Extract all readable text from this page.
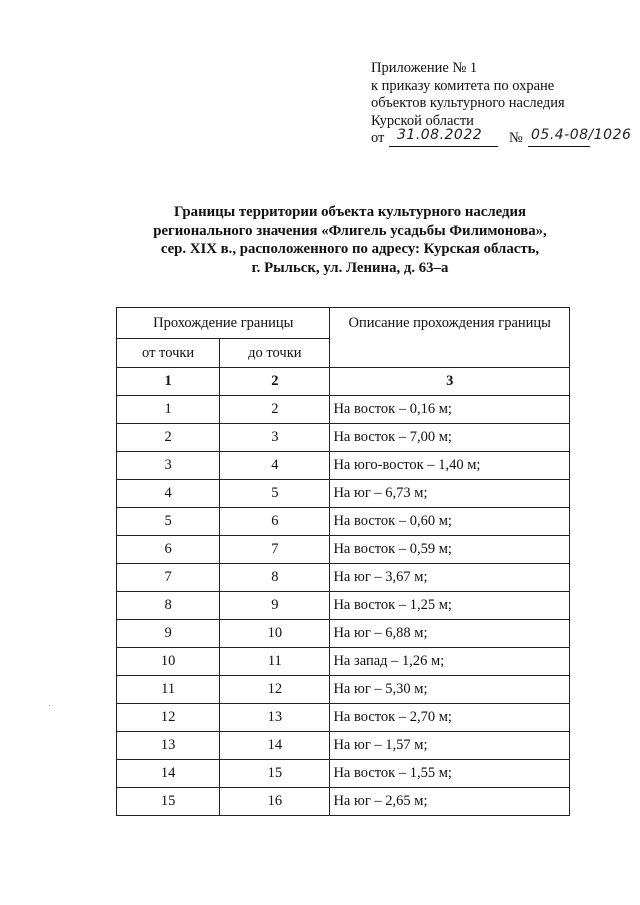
Приложение № 1
к приказу комитета по охране
объектов культурного наследия
Курской области
от 31.08.2022 № 05.4-08/1026
Границы территории объекта культурного наследия
регионального значения «Флигель усадьбы Филимонова»,
сер. XIX в., расположенного по адресу: Курская область,
г. Рыльск, ул. Ленина, д. 63–а
Прохождение границы		Описание прохождения границы
от точки	до точки	
1	2	3
1	2	На восток – 0,16 м;
2	3	На восток – 7,00 м;
3	4	На юго-восток – 1,40 м;
4	5	На юг – 6,73 м;
5	6	На восток – 0,60 м;
6	7	На восток – 0,59 м;
7	8	На юг – 3,67 м;
8	9	На восток – 1,25 м;
9	10	На юг – 6,88 м;
10	11	На запад – 1,26 м;
11	12	На юг – 5,30 м;
12	13	На восток – 2,70 м;
13	14	На юг – 1,57 м;
14	15	На восток – 1,55 м;
15	16	На юг – 2,65 м;
